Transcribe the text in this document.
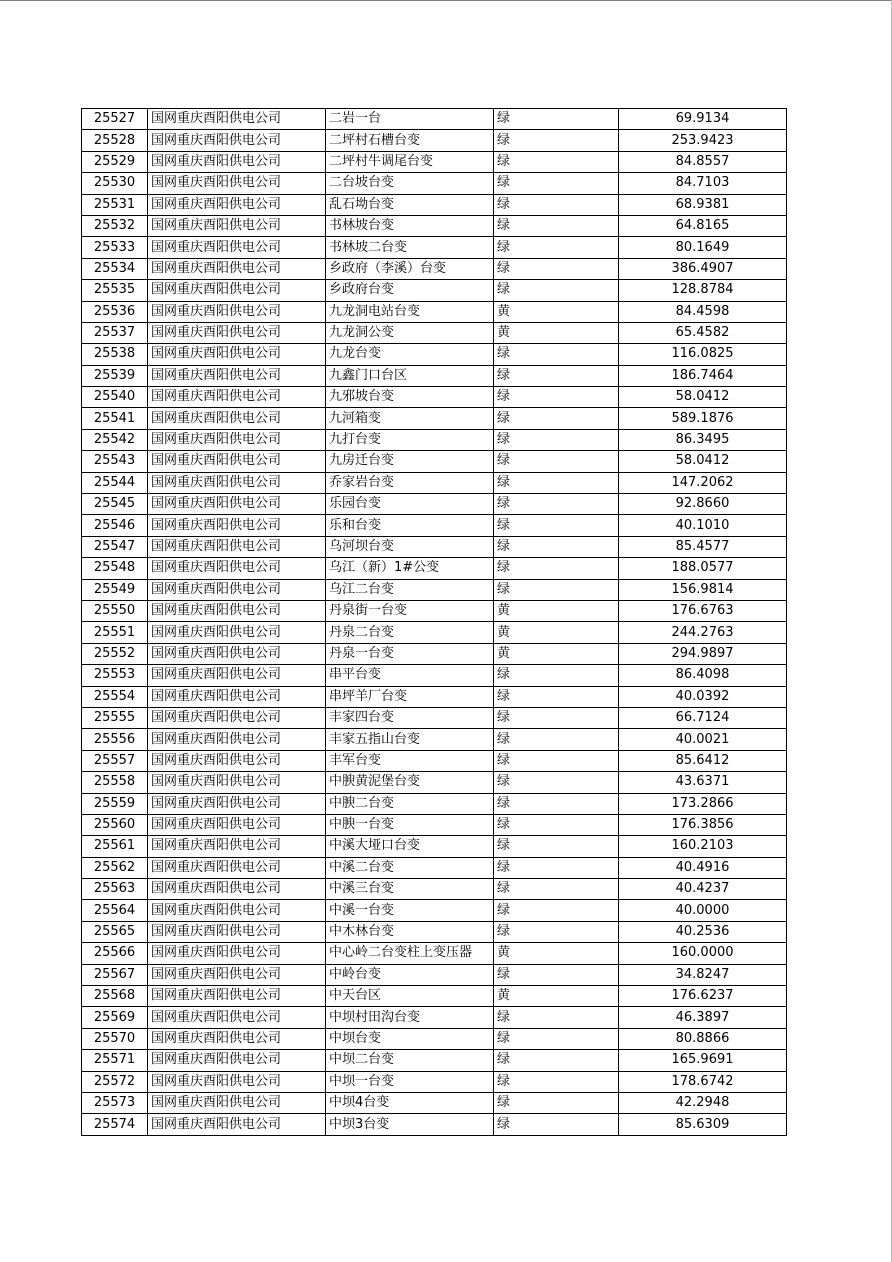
25527	国网重庆酉阳供电公司	二岩一台	绿	69.9134
25528	国网重庆酉阳供电公司	二坪村石槽台变	绿	253.9423
25529	国网重庆酉阳供电公司	二坪村牛调尾台变	绿	84.8557
25530	国网重庆酉阳供电公司	二台坡台变	绿	84.7103
25531	国网重庆酉阳供电公司	乱石坳台变	绿	68.9381
25532	国网重庆酉阳供电公司	书林坡台变	绿	64.8165
25533	国网重庆酉阳供电公司	书林坡二台变	绿	80.1649
25534	国网重庆酉阳供电公司	乡政府（李溪）台变	绿	386.4907
25535	国网重庆酉阳供电公司	乡政府台变	绿	128.8784
25536	国网重庆酉阳供电公司	九龙洞电站台变	黄	84.4598
25537	国网重庆酉阳供电公司	九龙洞公变	黄	65.4582
25538	国网重庆酉阳供电公司	九龙台变	绿	116.0825
25539	国网重庆酉阳供电公司	九鑫门口台区	绿	186.7464
25540	国网重庆酉阳供电公司	九邪坡台变	绿	58.0412
25541	国网重庆酉阳供电公司	九河箱变	绿	589.1876
25542	国网重庆酉阳供电公司	九打台变	绿	86.3495
25543	国网重庆酉阳供电公司	九房迁台变	绿	58.0412
25544	国网重庆酉阳供电公司	乔家岩台变	绿	147.2062
25545	国网重庆酉阳供电公司	乐园台变	绿	92.8660
25546	国网重庆酉阳供电公司	乐和台变	绿	40.1010
25547	国网重庆酉阳供电公司	乌河坝台变	绿	85.4577
25548	国网重庆酉阳供电公司	乌江（新）1#公变	绿	188.0577
25549	国网重庆酉阳供电公司	乌江二台变	绿	156.9814
25550	国网重庆酉阳供电公司	丹泉街一台变	黄	176.6763
25551	国网重庆酉阳供电公司	丹泉二台变	黄	244.2763
25552	国网重庆酉阳供电公司	丹泉一台变	黄	294.9897
25553	国网重庆酉阳供电公司	串平台变	绿	86.4098
25554	国网重庆酉阳供电公司	串坪羊厂台变	绿	40.0392
25555	国网重庆酉阳供电公司	丰家四台变	绿	66.7124
25556	国网重庆酉阳供电公司	丰家五指山台变	绿	40.0021
25557	国网重庆酉阳供电公司	丰军台变	绿	85.6412
25558	国网重庆酉阳供电公司	中腴黄泥堡台变	绿	43.6371
25559	国网重庆酉阳供电公司	中腴二台变	绿	173.2866
25560	国网重庆酉阳供电公司	中腴一台变	绿	176.3856
25561	国网重庆酉阳供电公司	中溪大垭口台变	绿	160.2103
25562	国网重庆酉阳供电公司	中溪二台变	绿	40.4916
25563	国网重庆酉阳供电公司	中溪三台变	绿	40.4237
25564	国网重庆酉阳供电公司	中溪一台变	绿	40.0000
25565	国网重庆酉阳供电公司	中木林台变	绿	40.2536
25566	国网重庆酉阳供电公司	中心岭二台变柱上变压器	黄	160.0000
25567	国网重庆酉阳供电公司	中岭台变	绿	34.8247
25568	国网重庆酉阳供电公司	中天台区	黄	176.6237
25569	国网重庆酉阳供电公司	中坝村田沟台变	绿	46.3897
25570	国网重庆酉阳供电公司	中坝台变	绿	80.8866
25571	国网重庆酉阳供电公司	中坝二台变	绿	165.9691
25572	国网重庆酉阳供电公司	中坝一台变	绿	178.6742
25573	国网重庆酉阳供电公司	中坝4台变	绿	42.2948
25574	国网重庆酉阳供电公司	中坝3台变	绿	85.6309
